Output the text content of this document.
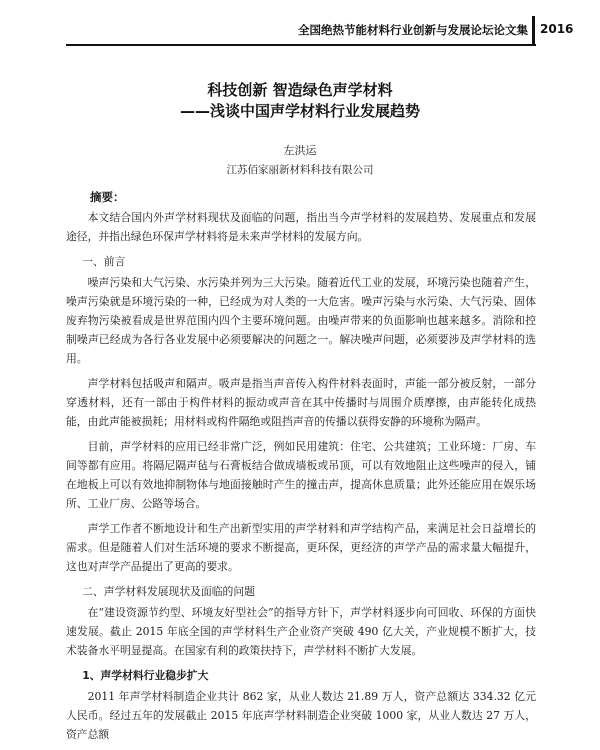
全国绝热节能材料行业创新与发展论坛论文集 2016
科技创新 智造绿色声学材料
——浅谈中国声学材料行业发展趋势
左洪运
江苏佰家丽新材料科技有限公司
摘要：

本文结合国内外声学材料现状及面临的问题，指出当今声学材料的发展趋势、发展重点和发展途径，并指出绿色环保声学材料将是未来声学材料的发展方向。

一、前言

噪声污染和大气污染、水污染并列为三大污染。随着近代工业的发展，环境污染也随着产生，噪声污染就是环境污染的一种，已经成为对人类的一大危害。噪声污染与水污染、大气污染、固体废弃物污染被看成是世界范围内四个主要环境问题。由噪声带来的负面影响也越来越多。消除和控制噪声已经成为各行各业发展中必须要解决的问题之一。解决噪声问题，必须要涉及声学材料的选用。

声学材料包括吸声和隔声。吸声是指当声音传入构件材料表面时，声能一部分被反射，一部分穿透材料，还有一部由于构件材料的振动或声音在其中传播时与周围介质摩擦，由声能转化成热能，由此声能被损耗；用材料或构件隔绝或阻挡声音的传播以获得安静的环境称为隔声。

目前，声学材料的应用已经非常广泛，例如民用建筑：住宅、公共建筑；工业环境：厂房、车间等都有应用。将隔尼隔声毡与石膏板结合做成墙板或吊顶，可以有效地阻止这些噪声的侵入，铺在地板上可以有效地抑制物体与地面接触时产生的撞击声，提高休息质量；此外还能应用在娱乐场所、工业厂房、公路等场合。

声学工作者不断地设计和生产出新型实用的声学材料和声学结构产品，来满足社会日益增长的需求。但是随着人们对生活环境的要求不断提高，更环保，更经济的声学产品的需求量大幅提升，这也对声学产品提出了更高的要求。

二、声学材料发展现状及面临的问题

在“建设资源节约型、环境友好型社会”的指导方针下，声学材料逐步向可回收、环保的方面快速发展。截止 2015 年底全国的声学材料生产企业资产突破 490 亿大关，产业规模不断扩大，技术装备水平明显提高。在国家有利的政策扶持下，声学材料不断扩大发展。

1、声学材料行业稳步扩大

2011 年声学材料制造企业共计 862 家，从业人数达 21.89 万人，资产总额达 334.32 亿元人民币。经过五年的发展截止 2015 年底声学材料制造企业突破 1000 家，从业人数达 27 万人，资产总额
